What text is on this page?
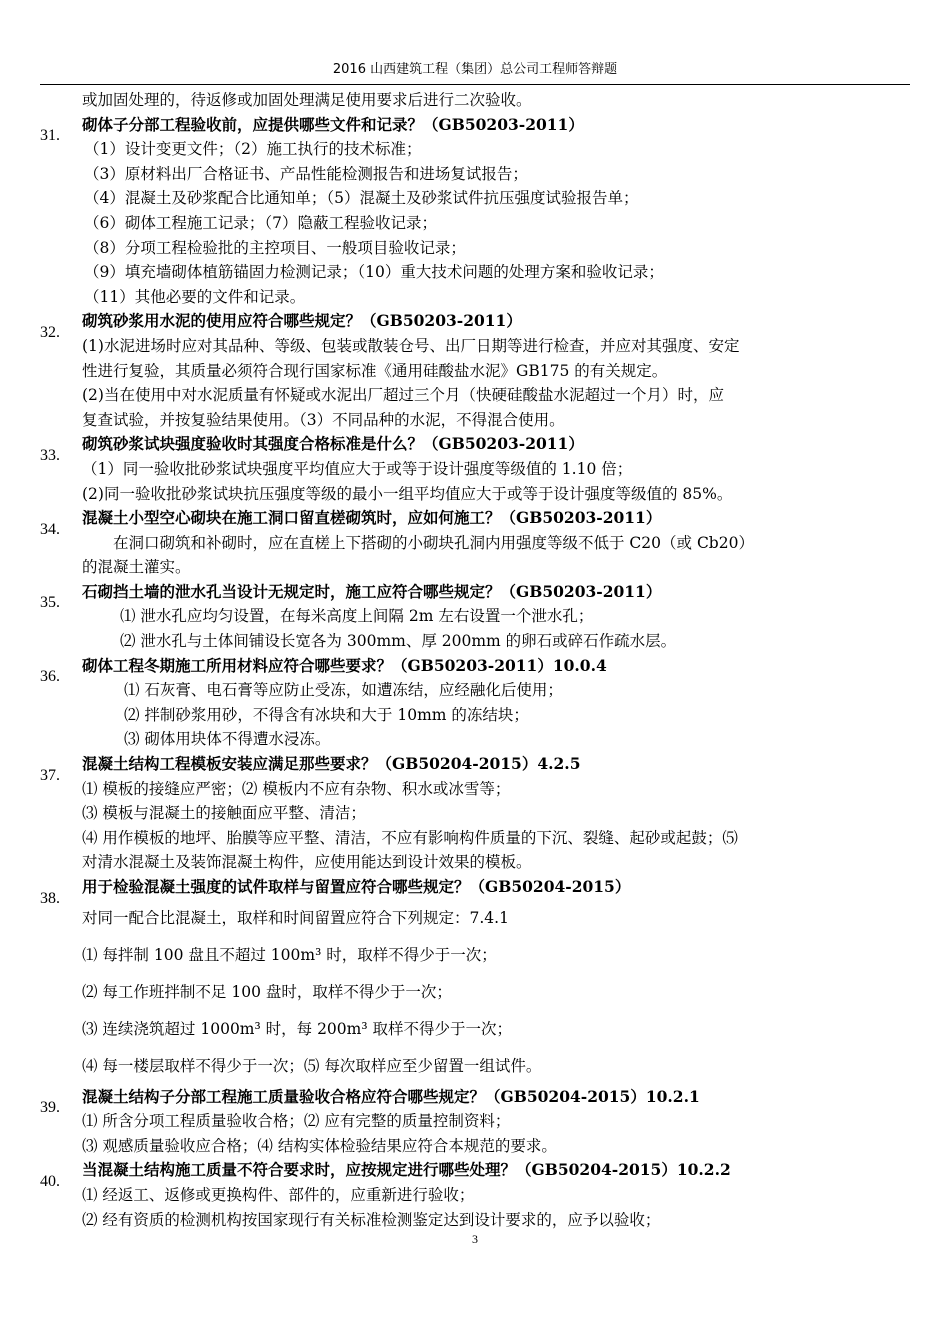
2016 山西建筑工程（集团）总公司工程师答辩题
或加固处理的，待返修或加固处理满足使用要求后进行二次验收。
31.
砌体子分部工程验收前，应提供哪些文件和记录？（GB50203-2011）
（1）设计变更文件；（2）施工执行的技术标准；
（3）原材料出厂合格证书、产品性能检测报告和进场复试报告；
（4）混凝土及砂浆配合比通知单；（5）混凝土及砂浆试件抗压强度试验报告单；
（6）砌体工程施工记录；（7）隐蔽工程验收记录；
（8）分项工程检验批的主控项目、一般项目验收记录；
（9）填充墙砌体植筋锚固力检测记录；（10）重大技术问题的处理方案和验收记录；
（11）其他必要的文件和记录。
32.
砌筑砂浆用水泥的使用应符合哪些规定？（GB50203-2011）
(1)水泥进场时应对其品种、等级、包装或散装仓号、出厂日期等进行检查，并应对其强度、安定
性进行复验，其质量必须符合现行国家标准《通用硅酸盐水泥》GB175 的有关规定。
(2)当在使用中对水泥质量有怀疑或水泥出厂超过三个月（快硬硅酸盐水泥超过一个月）时，应
复查试验，并按复验结果使用。（3）不同品种的水泥，不得混合使用。
33.
砌筑砂浆试块强度验收时其强度合格标准是什么？（GB50203-2011）
（1）同一验收批砂浆试块强度平均值应大于或等于设计强度等级值的 1.10 倍；
(2)同一验收批砂浆试块抗压强度等级的最小一组平均值应大于或等于设计强度等级值的 85%。
34.
混凝土小型空心砌块在施工洞口留直槎砌筑时，应如何施工？（GB50203-2011）
　　在洞口砌筑和补砌时，应在直槎上下搭砌的小砌块孔洞内用强度等级不低于 C20（或 Cb20）
的混凝土灌实。
35.
石砌挡土墙的泄水孔当设计无规定时，施工应符合哪些规定？（GB50203-2011）
⑴ 泄水孔应均匀设置，在每米高度上间隔 2m 左右设置一个泄水孔；
⑵ 泄水孔与土体间铺设长宽各为 300mm、厚 200mm 的卵石或碎石作疏水层。
36.
砌体工程冬期施工所用材料应符合哪些要求？（GB50203-2011）10.0.4
⑴ 石灰膏、电石膏等应防止受冻，如遭冻结，应经融化后使用；
⑵ 拌制砂浆用砂，不得含有冰块和大于 10mm 的冻结块；
⑶ 砌体用块体不得遭水浸冻。
37.
混凝土结构工程模板安装应满足那些要求？（GB50204-2015）4.2.5
⑴ 模板的接缝应严密；⑵ 模板内不应有杂物、积水或冰雪等；
⑶ 模板与混凝土的接触面应平整、清洁；
⑷ 用作模板的地坪、胎膜等应平整、清洁，不应有影响构件质量的下沉、裂缝、起砂或起鼓；⑸
对清水混凝土及装饰混凝土构件，应使用能达到设计效果的模板。
38.
用于检验混凝土强度的试件取样与留置应符合哪些规定？（GB50204-2015）
对同一配合比混凝土，取样和时间留置应符合下列规定：7.4.1
⑴ 每拌制 100 盘且不超过 100m³ 时，取样不得少于一次；
⑵ 每工作班拌制不足 100 盘时，取样不得少于一次；
⑶ 连续浇筑超过 1000m³ 时，每 200m³ 取样不得少于一次；
⑷ 每一楼层取样不得少于一次；⑸ 每次取样应至少留置一组试件。
39.
混凝土结构子分部工程施工质量验收合格应符合哪些规定？（GB50204-2015）10.2.1
⑴ 所含分项工程质量验收合格；⑵ 应有完整的质量控制资料；
⑶ 观感质量验收应合格；⑷ 结构实体检验结果应符合本规范的要求。
40.
当混凝土结构施工质量不符合要求时，应按规定进行哪些处理？（GB50204-2015）10.2.2
⑴ 经返工、返修或更换构件、部件的，应重新进行验收；
⑵ 经有资质的检测机构按国家现行有关标准检测鉴定达到设计要求的，应予以验收；
3
